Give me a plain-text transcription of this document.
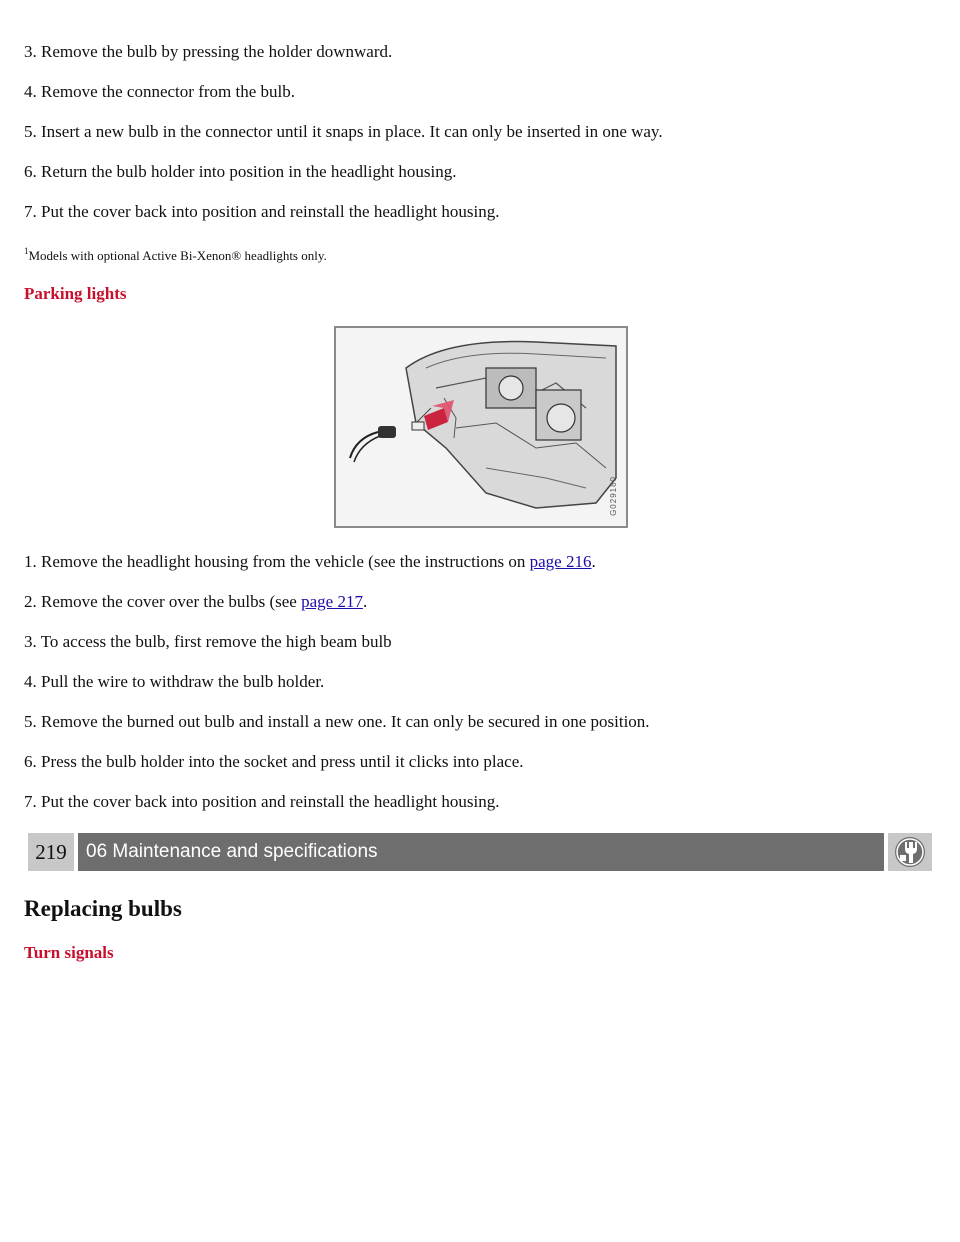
3. Remove the bulb by pressing the holder downward.

4. Remove the connector from the bulb.

5. Insert a new bulb in the connector until it snaps in place. It can only be inserted in one way.

6. Return the bulb holder into position in the headlight housing.

7. Put the cover back into position and reinstall the headlight housing.

$^1$Models with optional Active Bi-Xenon® headlights only.

Parking lights
G029180

1. Remove the headlight housing from the vehicle (see the instructions on page 216.

2. Remove the cover over the bulbs (see page 217.

3. To access the bulb, first remove the high beam bulb

4. Pull the wire to withdraw the bulb holder.

5. Remove the burned out bulb and install a new one. It can only be secured in one position.

6. Press the bulb holder into the socket and press until it clicks into place.

7. Put the cover back into position and reinstall the headlight housing.

219	06 Maintenance and specifications
Replacing bulbs
Turn signals
